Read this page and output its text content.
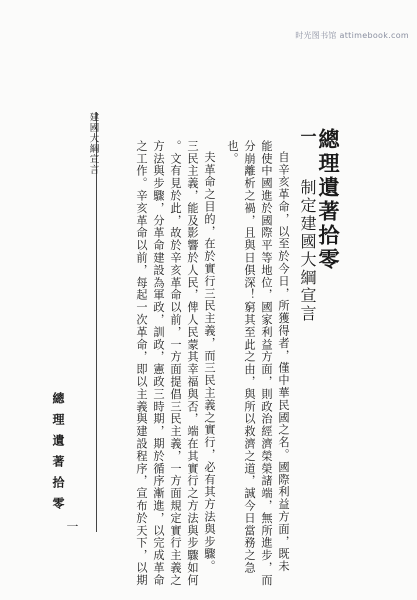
时光图书馆 attimebook.com
總理遺著拾零
一 制定建國大綱宣言
自辛亥革命，以至於今日，所獲得者，僅中華民國之名。國際利益方面，既未
能使中國進於國際平等地位，國家利益方面，則政治經濟榮榮諸端，無所進步，而
分崩離析之禍，且與日俱深！窮其至此之由，與所以救濟之道，誠今日當務之急
也。
夫革命之目的，在於實行三民主義，而三民主義之實行，必有其方法與步驟。
三民主義，能及影響於人民，俾人民蒙其幸福與否，端在其實行之方法與步驟如何
。文有見於此，故於辛亥革命以前，一方面提倡三民主義，一方面規定實行主義之
方法與步驟，分革命建設為軍政，訓政，憲政三時期，期於循序漸進，以完成革命
之工作。辛亥革命以前，每起一次革命，即以主義與建設程序，宣布於天下，以期
建國大綱宣言
總理遺著拾零
一
